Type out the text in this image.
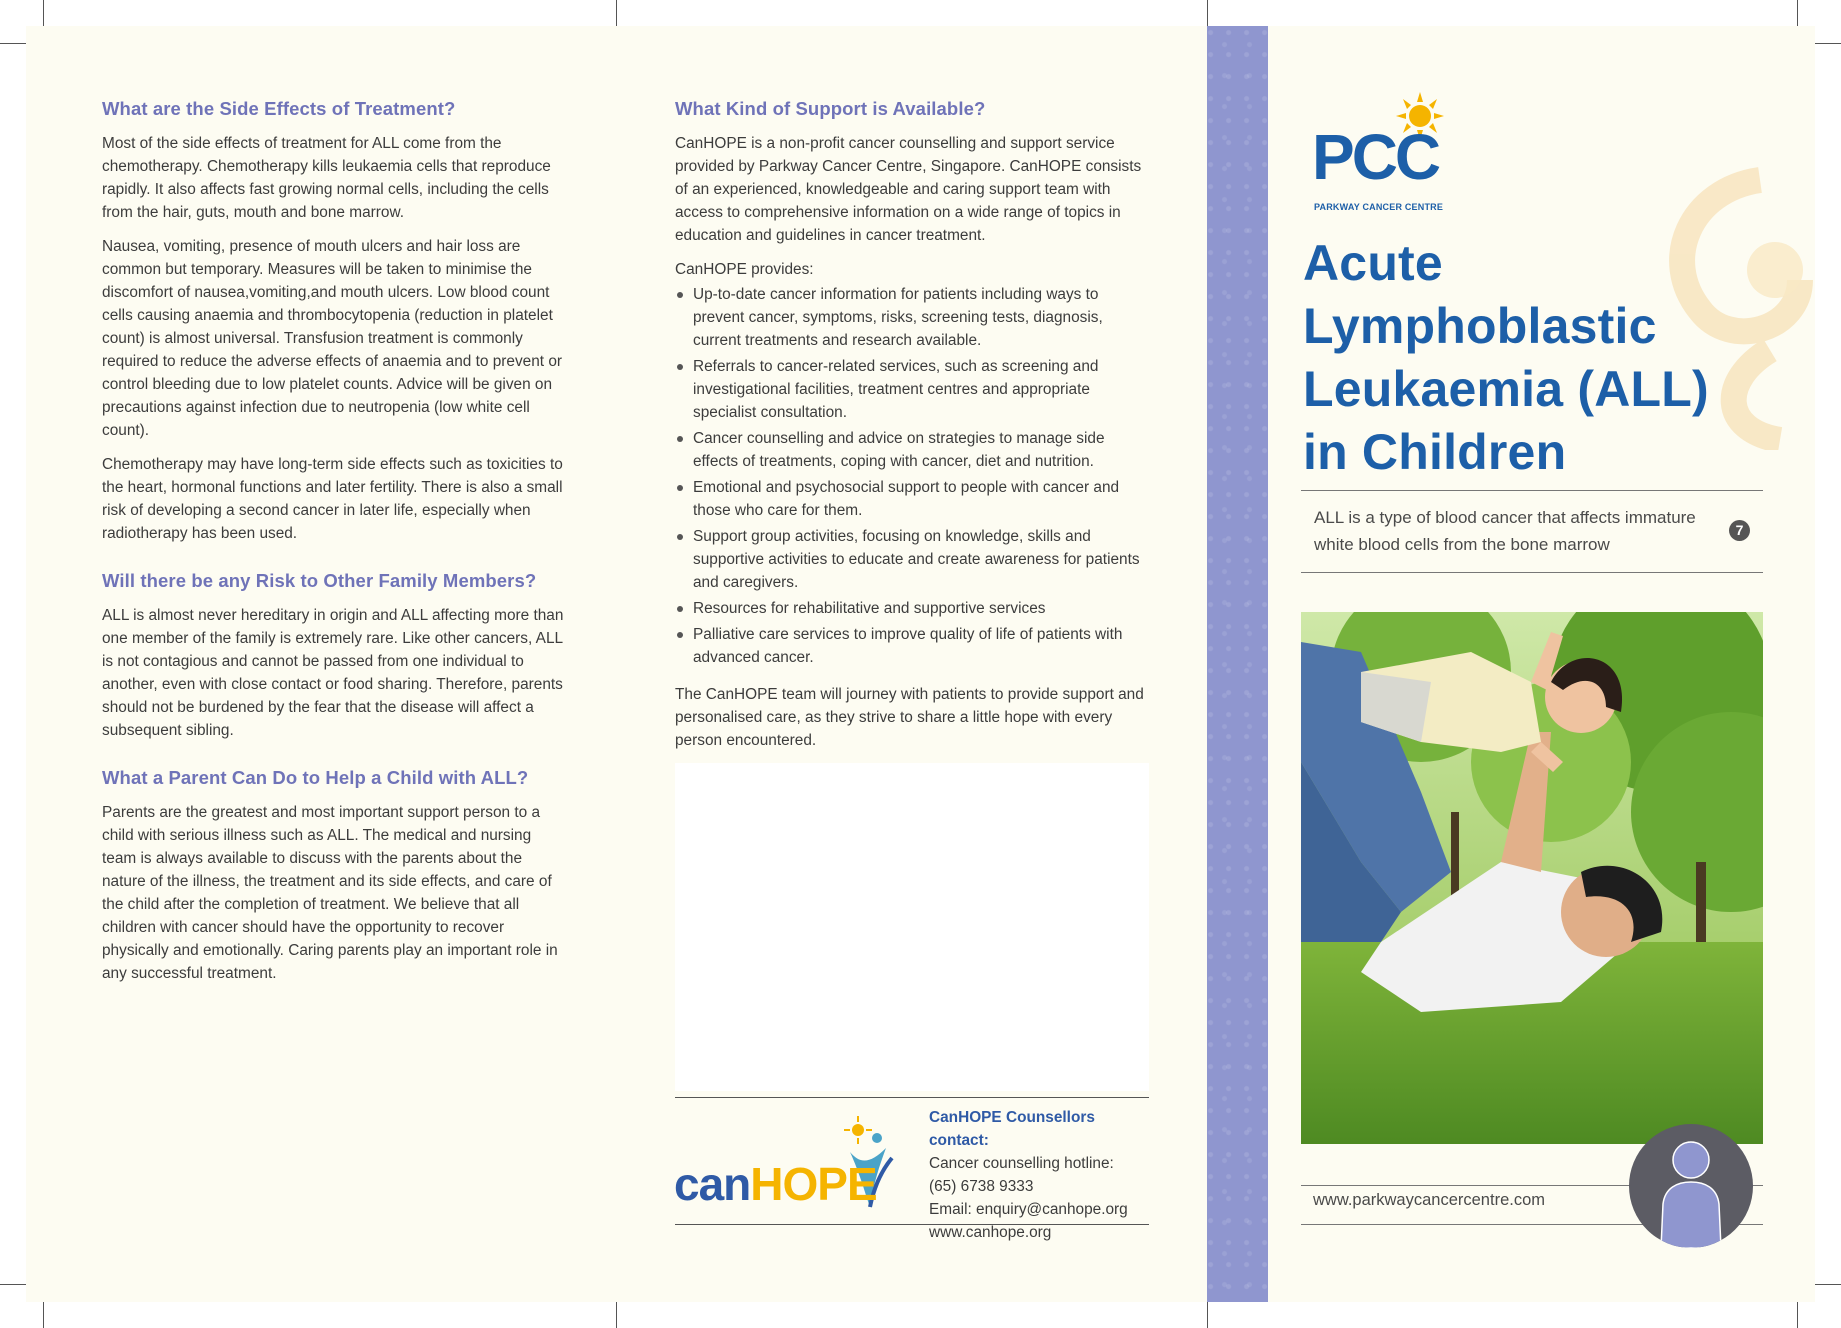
What are the Side Effects of Treatment?

Most of the side effects of treatment for ALL come from the chemotherapy. Chemotherapy kills leukaemia cells that reproduce rapidly. It also affects fast growing normal cells, including the cells from the hair, guts, mouth and bone marrow.

Nausea, vomiting, presence of mouth ulcers and hair loss are common but temporary. Measures will be taken to minimise the discomfort of nausea,vomiting,and mouth ulcers. Low blood count cells causing anaemia and thrombocytopenia (reduction in platelet count) is almost universal. Transfusion treatment is commonly required to reduce the adverse effects of anaemia and to prevent or control bleeding due to low platelet counts. Advice will be given on precautions against infection due to neutropenia (low white cell count).

Chemotherapy may have long-term side effects such as toxicities to the heart, hormonal functions and later fertility. There is also a small risk of developing a second cancer in later life, especially when radiotherapy has been used.

Will there be any Risk to Other Family Members?

ALL is almost never hereditary in origin and ALL affecting more than one member of the family is extremely rare. Like other cancers, ALL is not contagious and cannot be passed from one individual to another, even with close contact or food sharing. Therefore, parents should not be burdened by the fear that the disease will affect a subsequent sibling.

What a Parent Can Do to Help a Child with ALL?

Parents are the greatest and most important support person to a child with serious illness such as ALL. The medical and nursing team is always available to discuss with the parents about the nature of the illness, the treatment and its side effects, and care of the child after the completion of treatment. We believe that all children with cancer should have the opportunity to recover physically and emotionally. Caring parents play an important role in any successful treatment.

What Kind of Support is Available?

CanHOPE is a non-profit cancer counselling and support service provided by Parkway Cancer Centre, Singapore. CanHOPE consists of an experienced, knowledgeable and caring support team with access to comprehensive information on a wide range of topics in education and guidelines in cancer treatment.

CanHOPE provides:

Up-to-date cancer information for patients including ways to prevent cancer, symptoms, risks, screening tests, diagnosis, current treatments and research available.
Referrals to cancer-related services, such as screening and investigational facilities, treatment centres and appropriate specialist consultation.
Cancer counselling and advice on strategies to manage side effects of treatments, coping with cancer, diet and nutrition.
Emotional and psychosocial support to people with cancer and those who care for them.
Support group activities, focusing on knowledge, skills and supportive activities to educate and create awareness for patients and caregivers.
Resources for rehabilitative and supportive services
Palliative care services to improve quality of life of patients with advanced cancer.

The CanHOPE team will journey with patients to provide support and personalised care, as they strive to share a little hope with every person encountered.

canHOPE
CanHOPE Counsellors contact:
Cancer counselling hotline:
(65) 6738 9333
Email: enquiry@canhope.org
www.canhope.org
PCC
PARKWAY CANCER CENTRE
Acute
Lymphoblastic
Leukaemia (ALL)
in Children
ALL is a type of blood cancer that affects immature white blood cells from the bone marrow
7
www.parkwaycancercentre.com
